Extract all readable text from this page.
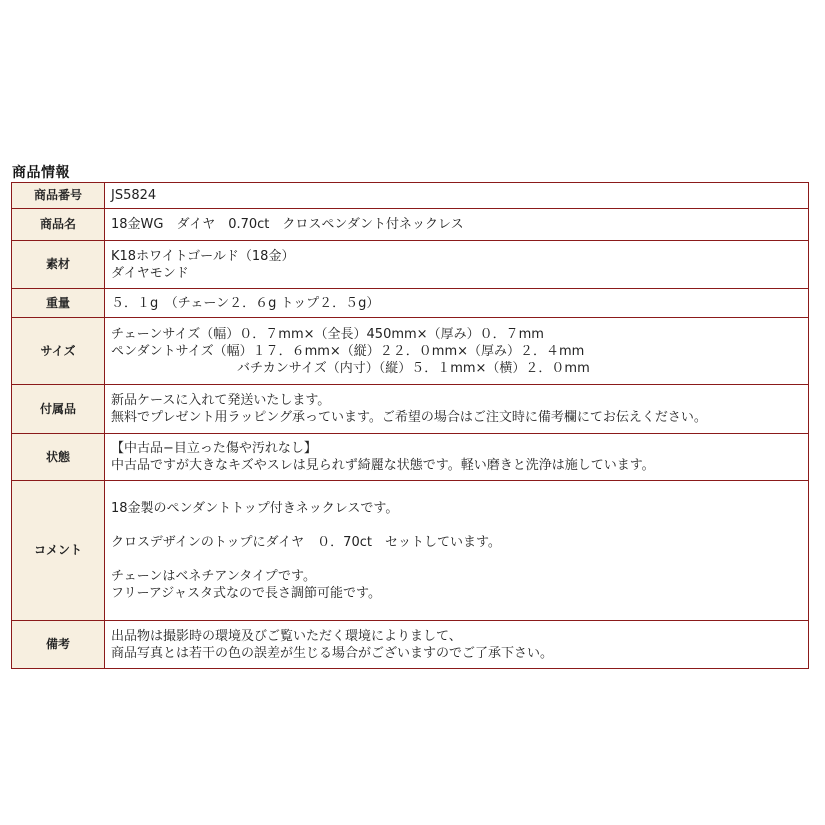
商品情報
商品番号	JS5824

商品名	18金WG　ダイヤ　0.70ct　クロスペンダント付ネックレス

素材	K18ホワイトゴールド（18金）
ダイヤモンド

重量	５．１g　（チェーン２．６g トップ２．５g）

サイズ	チェーンサイズ（幅）０．７mm×（全長）450mm×（厚み）０．７mm
ペンダントサイズ（幅）１７．６mm×（縦）２２．０mm×（厚み）２．４mm
バチカンサイズ（内寸）（縦）５．１mm×（横）２．０mm

付属品	新品ケースに入れて発送いたします。
無料でプレゼント用ラッピング承っています。ご希望の場合はご注文時に備考欄にてお伝えください。

状態	【中古品−目立った傷や汚れなし】
中古品ですが大きなキズやスレは見られず綺麗な状態です。軽い磨きと洗浄は施しています。

コメント	18金製のペンダントトップ付きネックレスです。

クロスデザインのトップにダイヤ　０．70ct　セットしています。

チェーンはベネチアンタイプです。
フリーアジャスタ式なので長さ調節可能です。

備考	出品物は撮影時の環境及びご覧いただく環境によりまして、
商品写真とは若干の色の誤差が生じる場合がございますのでご了承下さい。
